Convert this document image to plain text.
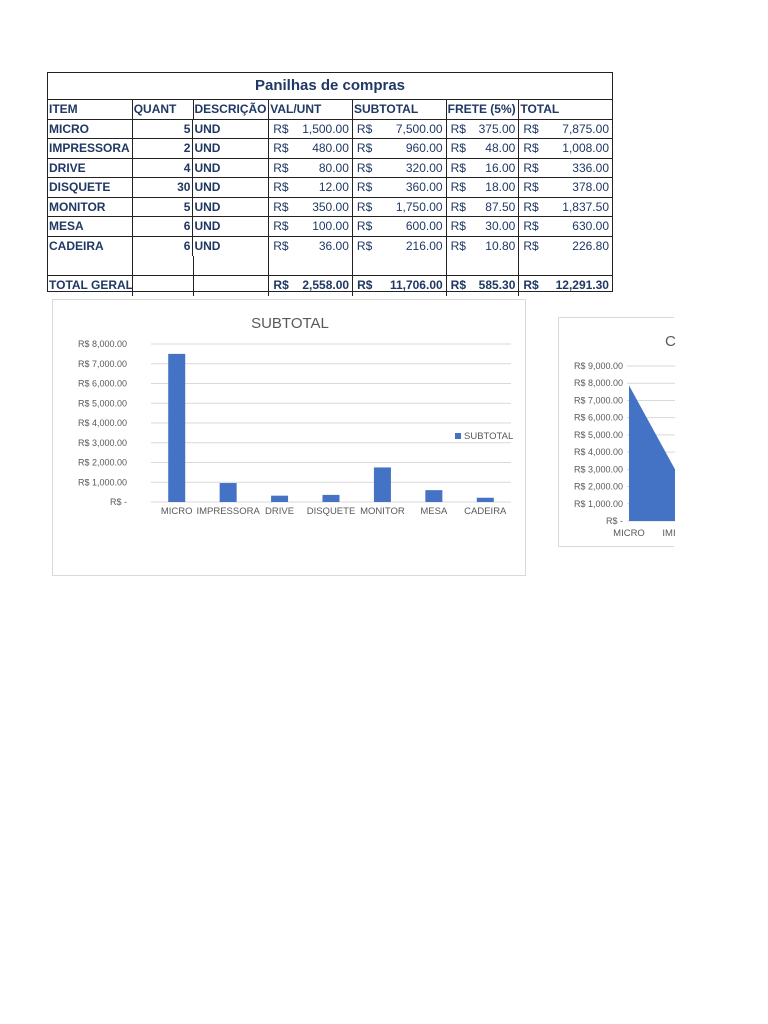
Panilhas de compras
ITEM	QUANT	DESCRIÇÃO VAL/UNT	SUBTOTAL	FRETE (5%) TOTAL
MICRO	5 UND	R$ 1,500.00 R$ 7,500.00 R$ 375.00 R$ 7,875.00
IMPRESSORA	2 UND	R$ 480.00 R$	960.00 R$ 48.00 R$ 1,008.00
DRIVE	4 UND	R$	80.00 R$	320.00 R$ 16.00 R$	336.00
DISQUETE	30 UND	R$	12.00 R$	360.00 R$ 18.00 R$	378.00
MONITOR	5 UND	R$ 350.00 R$ 1,750.00 R$ 87.50 R$ 1,837.50
MESA	6 UND	R$ 100.00 R$	600.00 R$ 30.00 R$	630.00
CADEIRA	6 UND	R$	36.00 R$	216.00 R$ 10.80 R$	226.80
TOTAL GERAL	R$ 2,558.00 R$ 11,706.00 R$ 585.30 R$ 12,291.30
SUBTOTAL
R$ -
R$ 1,000.00
R$ 2,000.00
R$ 3,000.00
R$ 4,000.00
R$ 5,000.00
R$ 6,000.00
R$ 7,000.00
R$ 8,000.00
MICRO IMPRESSORA DRIVE DISQUETE MONITOR MESA CADEIRA
SUBTOTAL
C
R$ -
R$ 1,000.00
R$ 2,000.00
R$ 3,000.00
R$ 4,000.00
R$ 5,000.00
R$ 6,000.00
R$ 7,000.00
R$ 8,000.00
R$ 9,000.00
MICRO IMI
